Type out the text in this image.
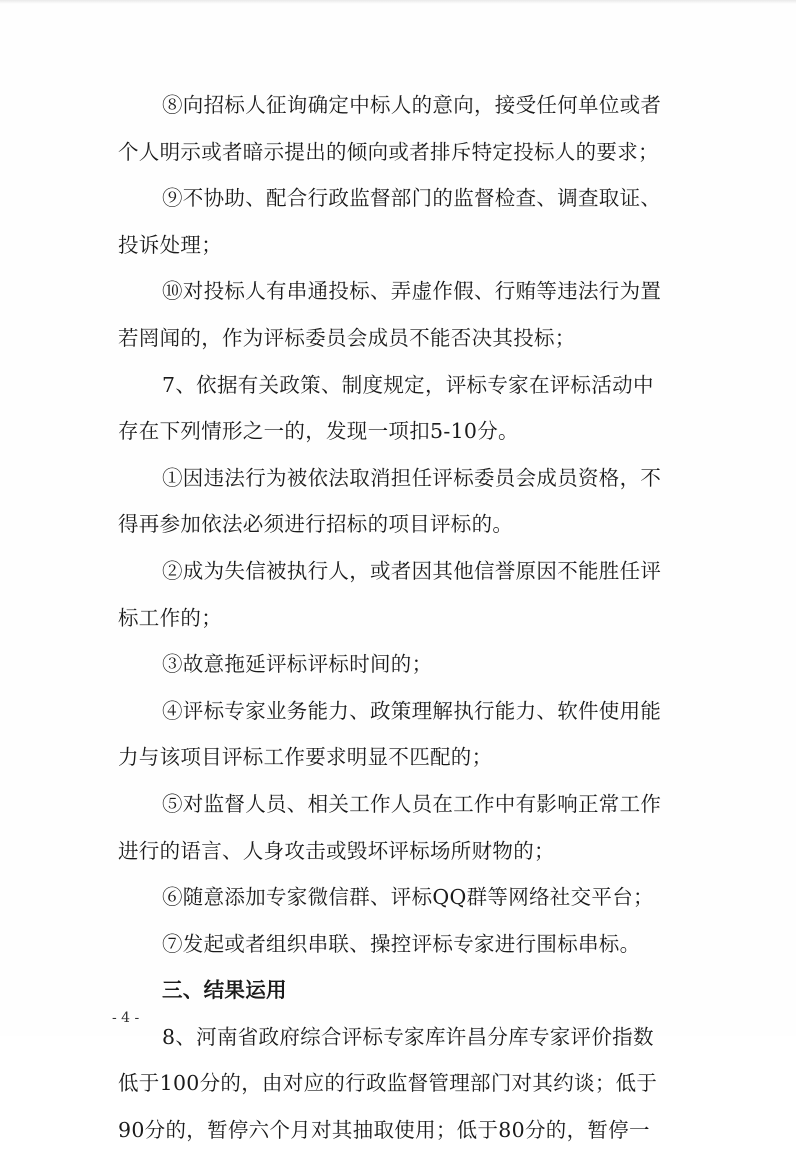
⑧向招标人征询确定中标人的意向，接受任何单位或者
个人明示或者暗示提出的倾向或者排斥特定投标人的要求；
⑨不协助、配合行政监督部门的监督检查、调查取证、
投诉处理；
⑩对投标人有串通投标、弄虚作假、行贿等违法行为置
若罔闻的，作为评标委员会成员不能否决其投标；
7、依据有关政策、制度规定，评标专家在评标活动中
存在下列情形之一的，发现一项扣5-10分。
①因违法行为被依法取消担任评标委员会成员资格，不
得再参加依法必须进行招标的项目评标的。
②成为失信被执行人，或者因其他信誉原因不能胜任评
标工作的；
③故意拖延评标评标时间的；
④评标专家业务能力、政策理解执行能力、软件使用能
力与该项目评标工作要求明显不匹配的；
⑤对监督人员、相关工作人员在工作中有影响正常工作
进行的语言、人身攻击或毁坏评标场所财物的；
⑥随意添加专家微信群、评标QQ群等网络社交平台；
⑦发起或者组织串联、操控评标专家进行围标串标。
三、结果运用
8、河南省政府综合评标专家库许昌分库专家评价指数
低于100分的，由对应的行政监督管理部门对其约谈；低于
90分的，暂停六个月对其抽取使用；低于80分的，暂停一
- 4 -
